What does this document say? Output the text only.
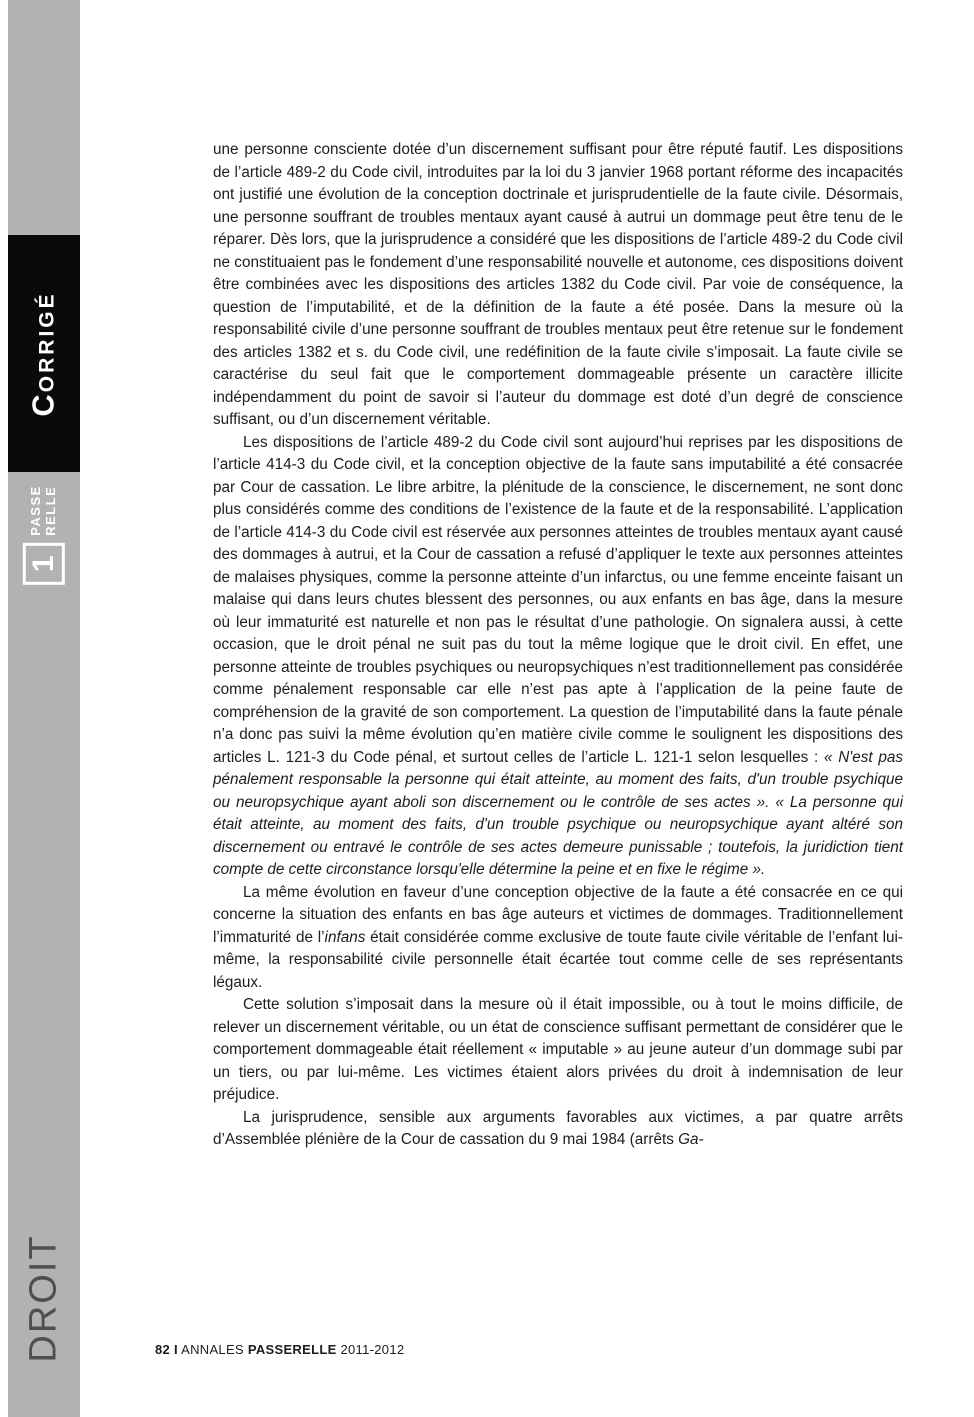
CORRIGÉ
1
PASSE RELLE
DROIT

une personne consciente dotée d’un discernement suffisant pour être réputé fautif. Les dispositions de l’article 489-2 du Code civil, introduites par la loi du 3 janvier 1968 portant réforme des incapacités ont justifié une évolution de la conception doctrinale et jurisprudentielle de la faute civile. Désormais, une personne souffrant de troubles mentaux ayant causé à autrui un dommage peut être tenu de le réparer. Dès lors, que la jurisprudence a considéré que les dispositions de l’article 489-2 du Code civil ne constituaient pas le fondement d’une responsabilité nouvelle et autonome, ces dispositions doivent être combinées avec les dispositions des articles 1382 du Code civil. Par voie de conséquence, la question de l’imputabilité, et de la définition de la faute a été posée. Dans la mesure où la responsabilité civile d’une personne souffrant de troubles mentaux peut être retenue sur le fondement des articles 1382 et s. du Code civil, une redéfinition de la faute civile s’imposait. La faute civile se caractérise du seul fait que le comportement dommageable présente un caractère illicite indépendamment du point de savoir si l’auteur du dommage est doté d’un degré de conscience suffisant, ou d’un discernement véritable.

Les dispositions de l’article 489-2 du Code civil sont aujourd’hui reprises par les dispositions de l’article 414-3 du Code civil, et la conception objective de la faute sans imputabilité a été consacrée par Cour de cassation. Le libre arbitre, la plénitude de la conscience, le discernement, ne sont donc plus considérés comme des conditions de l’existence de la faute et de la responsabilité. L’application de l’article 414-3 du Code civil est réservée aux personnes atteintes de troubles mentaux ayant causé des dommages à autrui, et la Cour de cassation a refusé d’appliquer le texte aux personnes atteintes de malaises physiques, comme la personne atteinte d’un infarctus, ou une femme enceinte faisant un malaise qui dans leurs chutes blessent des personnes, ou aux enfants en bas âge, dans la mesure où leur immaturité est naturelle et non pas le résultat d’une pathologie. On signalera aussi, à cette occasion, que le droit pénal ne suit pas du tout la même logique que le droit civil. En effet, une personne atteinte de troubles psychiques ou neuropsychiques n’est traditionnellement pas considérée comme pénalement responsable car elle n’est pas apte à l’application de la peine faute de compréhension de la gravité de son comportement. La question de l’imputabilité dans la faute pénale n’a donc pas suivi la même évolution qu’en matière civile comme le soulignent les dispositions des articles L. 121-3 du Code pénal, et surtout celles de l’article L. 121-1 selon lesquelles : « N'est pas pénalement responsable la personne qui était atteinte, au moment des faits, d'un trouble psychique ou neuropsychique ayant aboli son discernement ou le contrôle de ses actes ». « La personne qui était atteinte, au moment des faits, d'un trouble psychique ou neuropsychique ayant altéré son discernement ou entravé le contrôle de ses actes demeure punissable ; toutefois, la juridiction tient compte de cette circonstance lorsqu'elle détermine la peine et en fixe le régime ».

La même évolution en faveur d’une conception objective de la faute a été consacrée en ce qui concerne la situation des enfants en bas âge auteurs et victimes de dommages. Traditionnellement l’immaturité de l’infans était considérée comme exclusive de toute faute civile véritable de l’enfant lui-même, la responsabilité civile personnelle était écartée tout comme celle de ses représentants légaux.

Cette solution s’imposait dans la mesure où il était impossible, ou à tout le moins difficile, de relever un discernement véritable, ou un état de conscience suffisant permettant de considérer que le comportement dommageable était réellement « imputable » au jeune auteur d’un dommage subi par un tiers, ou par lui-même. Les victimes étaient alors privées du droit à indemnisation de leur préjudice.

La jurisprudence, sensible aux arguments favorables aux victimes, a par quatre arrêts d’Assemblée plénière de la Cour de cassation du 9 mai 1984 (arrêts Ga-

82 I ANNALES PASSERELLE 2011-2012
